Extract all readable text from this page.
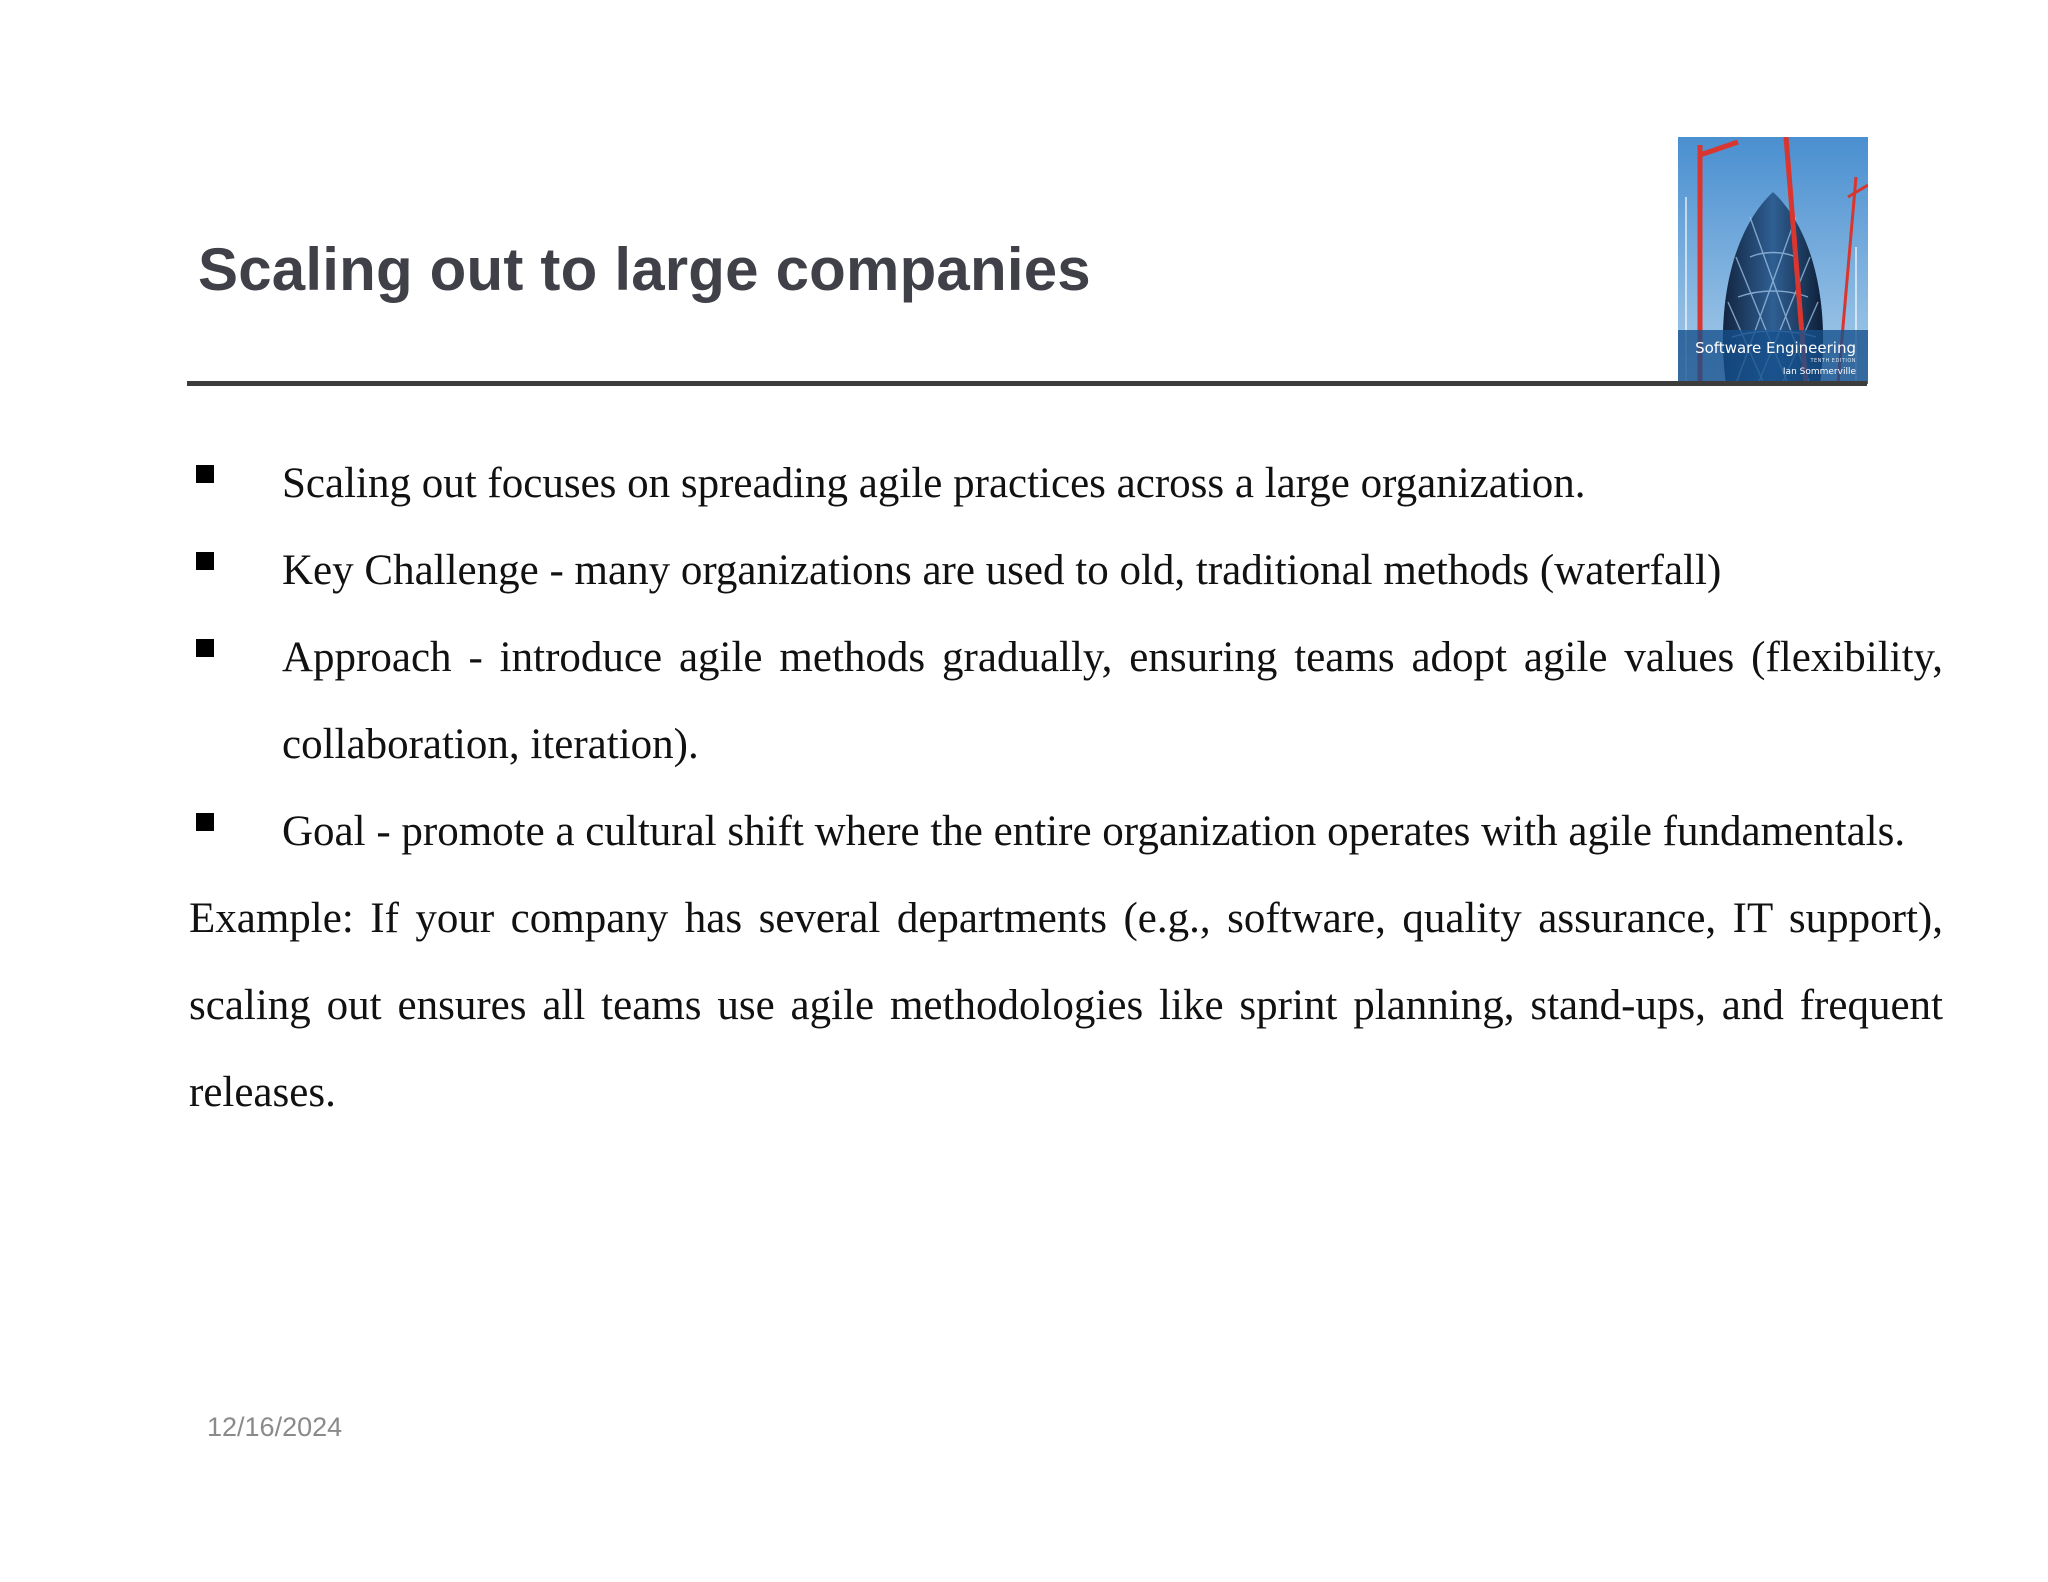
Scaling out to large companies
Software Engineering
TENTH EDITION
Ian Sommerville
Scaling out focuses on spreading agile practices across a large organization.
Key Challenge - many organizations are used to old, traditional methods (waterfall)
Approach - introduce agile methods gradually, ensuring teams adopt agile values (flexibility, collaboration, iteration).
Goal - promote a cultural shift where the entire organization operates with agile fundamentals.

Example: If your company has several departments (e.g., software, quality assurance, IT support), scaling out ensures all teams use agile methodologies like sprint planning, stand-ups, and frequent releases.

12/16/2024
